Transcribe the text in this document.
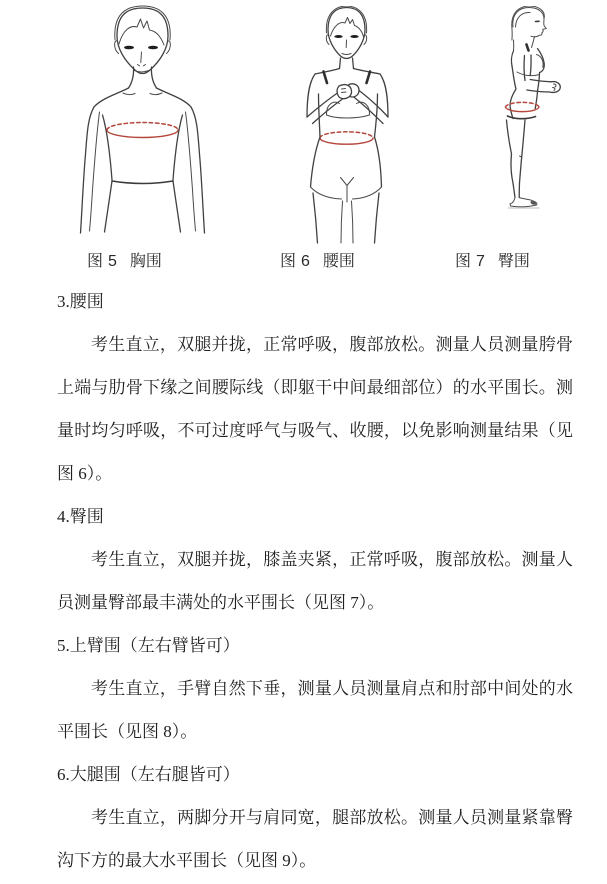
图 5 胸围	图 6 腰围	图 7 臀围

3.腰围

考生直立，双腿并拢，正常呼吸，腹部放松。测量人员测量胯骨上端与肋骨下缘之间腰际线（即躯干中间最细部位）的水平围长。测量时均匀呼吸，不可过度呼气与吸气、收腰，以免影响测量结果（见图 6）。

4.臀围

考生直立，双腿并拢，膝盖夹紧，正常呼吸，腹部放松。测量人员测量臀部最丰满处的水平围长（见图 7）。

5.上臂围（左右臂皆可）

考生直立，手臂自然下垂，测量人员测量肩点和肘部中间处的水平围长（见图 8）。

6.大腿围（左右腿皆可）

考生直立，两脚分开与肩同宽，腿部放松。测量人员测量紧靠臀沟下方的最大水平围长（见图 9）。
